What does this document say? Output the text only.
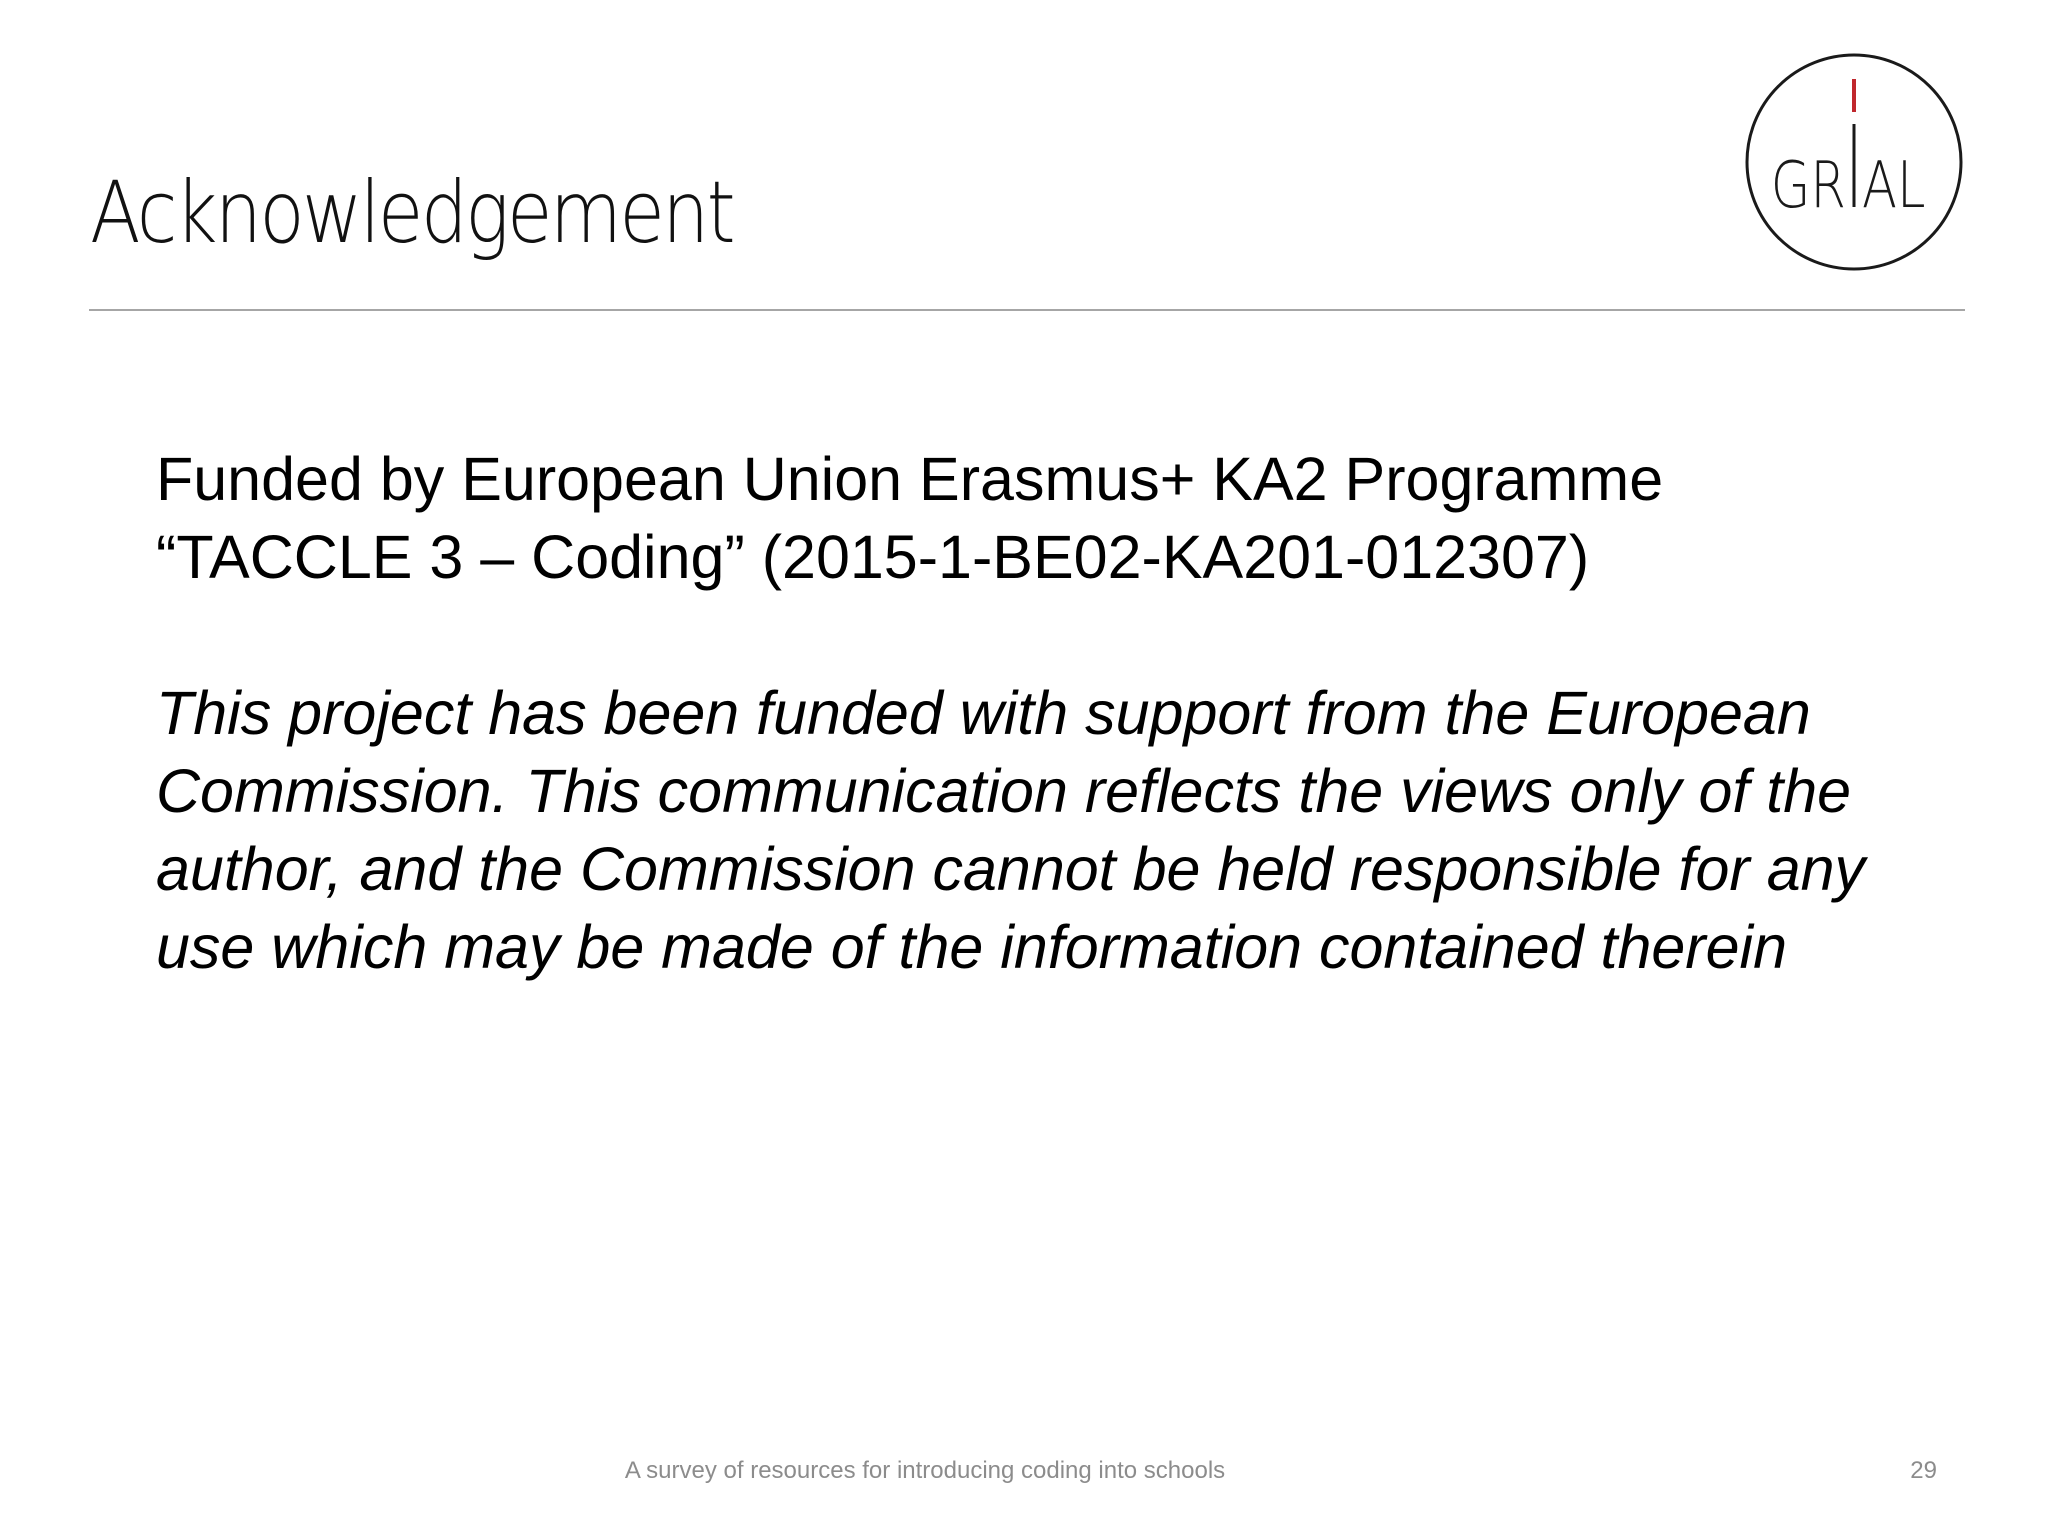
Acknowledgement	GR AL

Funded by European Union Erasmus+ KA2 Programme

“TACCLE 3 – Coding” (2015-1-BE02-KA201-012307)

This project has been funded with support from the European Commission. This communication reflects the views only of the author, and the Commission cannot be held responsible for any use which may be made of the information contained therein

A survey of resources for introducing coding into schools	29
